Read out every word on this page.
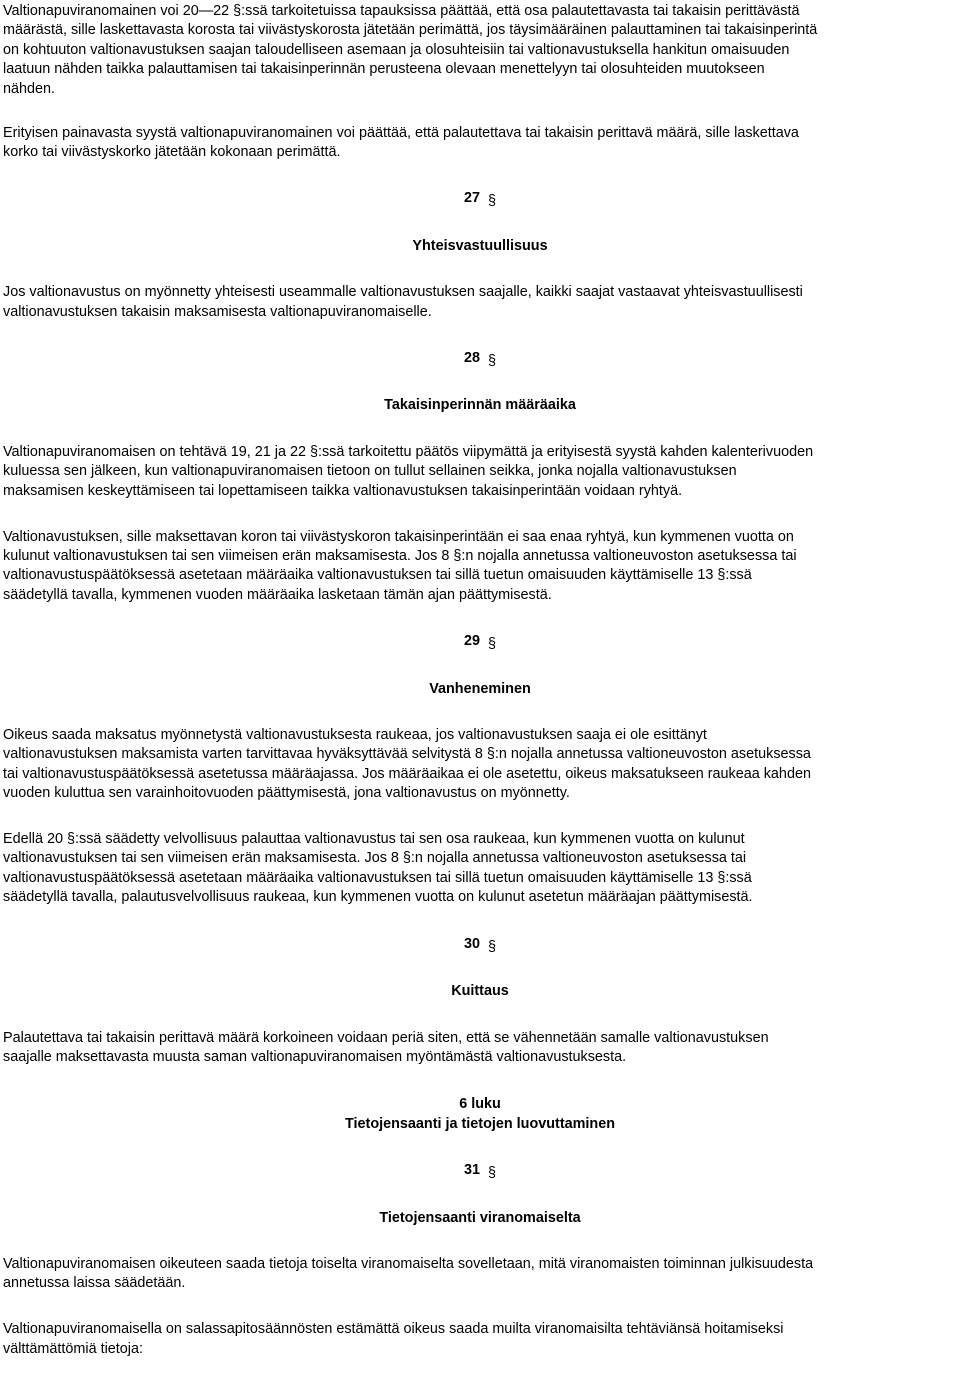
Valtionapuviranomainen voi 20—22 §:ssä tarkoitetuissa tapauksissa päättää, että osa palautettavasta tai takaisin perittävästä
määrästä, sille laskettavasta korosta tai viivästyskorosta jätetään perimättä, jos täysimääräinen palauttaminen tai takaisinperintä
on kohtuuton valtionavustuksen saajan taloudelliseen asemaan ja olosuhteisiin tai valtionavustuksella hankitun omaisuuden
laatuun nähden taikka palauttamisen tai takaisinperinnän perusteena olevaan menettelyyn tai olosuhteiden muutokseen
nähden.

Erityisen painavasta syystä valtionapuviranomainen voi päättää, että palautettava tai takaisin perittavä määrä, sille laskettava
korko tai viivästyskorko jätetään kokonaan perimättä.

27 §
Yhteisvastuullisuus

Jos valtionavustus on myönnetty yhteisesti useammalle valtionavustuksen saajalle, kaikki saajat vastaavat yhteisvastuullisesti
valtionavustuksen takaisin maksamisesta valtionapuviranomaiselle.

28 §
Takaisinperinnän määräaika

Valtionapuviranomaisen on tehtävä 19, 21 ja 22 §:ssä tarkoitettu päätös viipymättä ja erityisestä syystä kahden kalenterivuoden
kuluessa sen jälkeen, kun valtionapuviranomaisen tietoon on tullut sellainen seikka, jonka nojalla valtionavustuksen
maksamisen keskeyttämiseen tai lopettamiseen taikka valtionavustuksen takaisinperintään voidaan ryhtyä.

Valtionavustuksen, sille maksettavan koron tai viivästyskoron takaisinperintään ei saa enaa ryhtyä, kun kymmenen vuotta on
kulunut valtionavustuksen tai sen viimeisen erän maksamisesta. Jos 8 §:n nojalla annetussa valtioneuvoston asetuksessa tai
valtionavustuspäätöksessä asetetaan määräaika valtionavustuksen tai sillä tuetun omaisuuden käyttämiselle 13 §:ssä
säädetyllä tavalla, kymmenen vuoden määräaika lasketaan tämän ajan päättymisestä.

29 §
Vanheneminen

Oikeus saada maksatus myönnetystä valtionavustuksesta raukeaa, jos valtionavustuksen saaja ei ole esittänyt
valtionavustuksen maksamista varten tarvittavaa hyväksyttävää selvitystä 8 §:n nojalla annetussa valtioneuvoston asetuksessa
tai valtionavustuspäätöksessä asetetussa määräajassa. Jos määräaikaa ei ole asetettu, oikeus maksatukseen raukeaa kahden
vuoden kuluttua sen varainhoitovuoden päättymisestä, jona valtionavustus on myönnetty.

Edellä 20 §:ssä säädetty velvollisuus palauttaa valtionavustus tai sen osa raukeaa, kun kymmenen vuotta on kulunut
valtionavustuksen tai sen viimeisen erän maksamisesta. Jos 8 §:n nojalla annetussa valtioneuvoston asetuksessa tai
valtionavustuspäätöksessä asetetaan määräaika valtionavustuksen tai sillä tuetun omaisuuden käyttämiselle 13 §:ssä
säädetyllä tavalla, palautusvelvollisuus raukeaa, kun kymmenen vuotta on kulunut asetetun määräajan päättymisestä.

30 §
Kuittaus

Palautettava tai takaisin perittavä määrä korkoineen voidaan periä siten, että se vähennetään samalle valtionavustuksen
saajalle maksettavasta muusta saman valtionapuviranomaisen myöntämästä valtionavustuksesta.

6 luku
Tietojensaanti ja tietojen luovuttaminen
31 §
Tietojensaanti viranomaiselta

Valtionapuviranomaisen oikeuteen saada tietoja toiselta viranomaiselta sovelletaan, mitä viranomaisten toiminnan julkisuudesta
annetussa laissa säädetään.

Valtionapuviranomaisella on salassapitosäännösten estämättä oikeus saada muilta viranomaisilta tehtäviänsä hoitamiseksi
välttämättömiä tietoja:
